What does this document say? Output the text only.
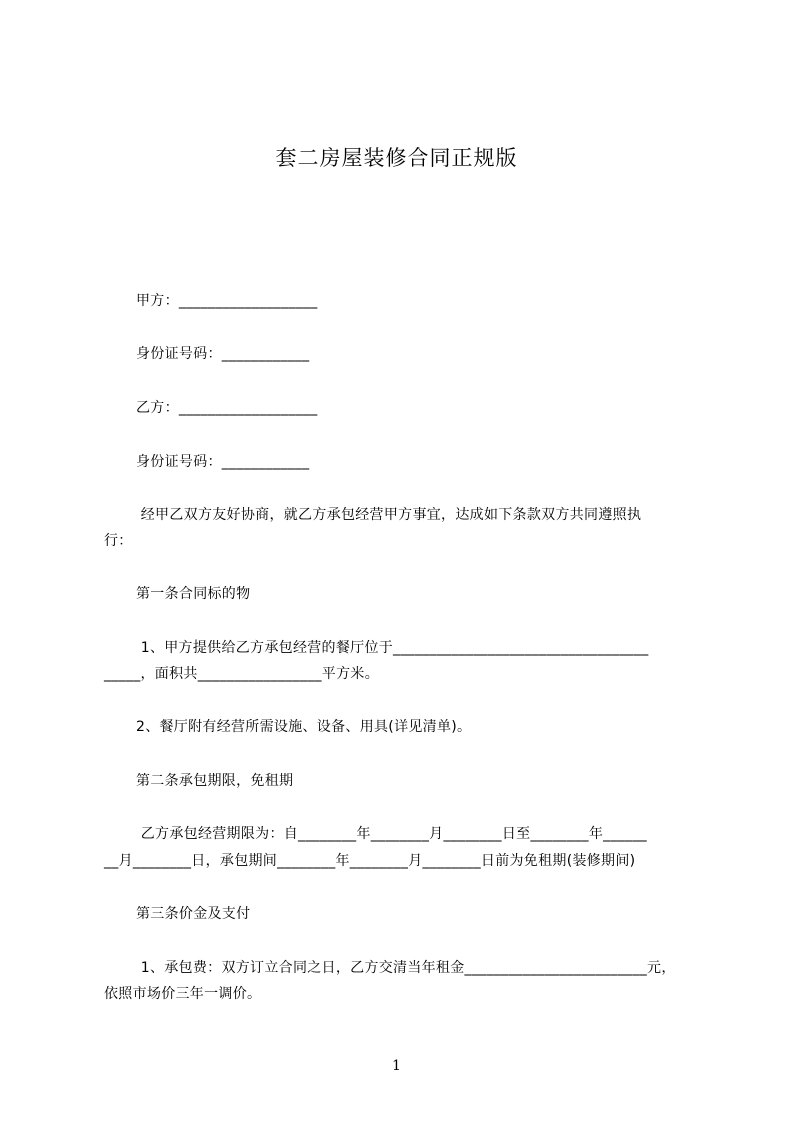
套二房屋装修合同正规版
甲方：___________________
身份证号码：____________
乙方：___________________
身份证号码：____________
经甲乙双方友好协商，就乙方承包经营甲方事宜，达成如下条款双方共同遵照执
行：
第一条合同标的物
1、甲方提供给乙方承包经营的餐厅位于___________________________________
_____，面积共_________________平方米。
2、餐厅附有经营所需设施、设备、用具(详见清单)。
第二条承包期限，免租期
乙方承包经营期限为：自________年________月________日至________年______
__月________日，承包期间________年________月________日前为免租期(装修期间)
第三条价金及支付
1、承包费：双方订立合同之日，乙方交清当年租金_________________________元，
依照市场价三年一调价。
1
